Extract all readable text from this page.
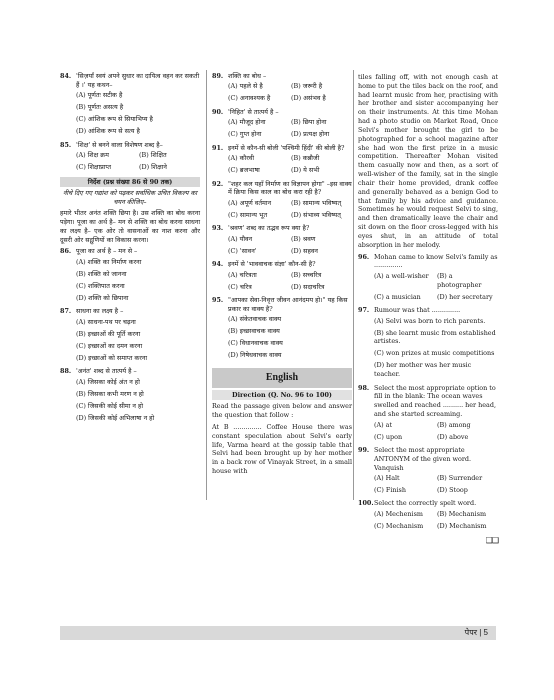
84. 'सिज़र्यां स्वयं अपने सुधार का दायित्व वहन कर सकती हैं ।' यह कथन–
(A) पूर्णतः सटीक है
(B) पूर्णतः असत्य है
(C) आंशिक रूप से सियाभिप्य है
(D) आंशिक रूप से सत्य है
85. 'शिक्ष' से बनने वाला विशेषण शब्द है–
(A) शिक्ष क्रम	(B) शिक्षित
(C) शिक्षाप्राप्त	(D) शिक्षाने
निर्देश (प्रश्न संख्या 86 से 90 तक)
नीचे दिए गए गद्यांश को पढ़कर सर्वाधिक उचित विकल्प का चयन कीजिए–
हमारे भीतर अनंत शक्ति छिपा है। उस शक्ति का बोध करना पड़ेगा। पूजा का अर्थ है– मन से शक्ति का बोध करना साधना का लक्ष्य है– एक ओर तो वासनाओं का नाश करना और दूसरी ओर सद्गुणियों का विकास करना।
86. पूजा का अर्थ है – मन से –
(A) शक्ति का निर्माण करना
(B) शक्ति को जानना
(C) शक्तिपात करना
(D) शक्ति को छिपाना
87. साधना का लक्ष्य है –
(A) साधना-पथ पर चढ़ना
(B) इच्छाओं की पूर्ति करना
(C) इच्छाओं का दमन करना
(D) इच्छाओं को समाप्त करना
88. 'अनंत' शब्द से तात्पर्य है –
(A) जिसका कोई अंत न हो
(B) जिसका कभी मरण न हो
(C) जिसकी कोई सीमा न हो
(D) जिसकी कोई अभिलाषा न हो
89. शक्ति का बोध –
(A) पहले से है	(B) जरूरी है
(C) अनावश्यक है	(D) असंभव है
90. 'निहित' से तात्पर्य है –
(A) मौजूद होना	(B) छिपा होना
(C) गुप्त होना	(D) प्रत्यक्ष होना
91. इनमें से कौन-सी बोली 'पश्चिमी हिंदी' की बोली है?
(A) कौरवी	(B) कन्नौजी
(C) ब्रजभाषा	(D) ये सभी
92. "शहर कल यहाँ निर्माण का विज्ञापन होगा" –इस वाक्य में क्रिया किस काल का बोध करा रही है?
(A) अपूर्ण वर्तमान	(B) सामान्य भविष्यत्
(C) सामान्य भूत	(D) संभाव्य भविष्यत्
93. 'श्रवण' शब्द का तद्भव रूप क्या है?
(A) यौवन	(B) श्रवण
(C) 'सावन'	(D) सहवन
94. इनमें से 'भाववाचक संज्ञा' कौन-सी है?
(A) चरित्रता	(B) सच्चरित्र
(C) चरित्र	(D) सदाचरित्र
95. "आपका सेवा-निवृत्त जीवन आनंदमय हो।" यह किस प्रकार का वाक्य है?
(A) संकेतवाचक वाक्य
(B) इच्छावाचक वाक्य
(C) विधानवाचक वाक्य
(D) निषेधवाचक वाक्य
English
Direction (Q. No. 96 to 100)
Read the passage given below and answer the question that follow :
At B .............. Coffee House there was constant speculation about Selvi's early life, Varma heard at the gossip table that Selvi had been brought up by her mother in a back row of Vinayak Street, in a small house with
tiles falling off, with not enough cash at home to put the tiles back on the roof, and had learnt music from her, practising with her brother and sister accompanying her on their instruments. At this time Mohan had a photo studio on Market Road, Once Selvi's mother brought the girl to be photographed for a school magazine after she had won the first prize in a music competition. Thereafter Mohan visited them casually now and then, as a sort of well-wisher of the family, sat in the single chair their home provided, drank coffee and generally behaved as a benign God to that family by his advice and guidance. Sometimes he would request Selvi to sing, and then dramatically leave the chair and sit down on the floor cross-legged with his eyes shut, in an attitude of total absorption in her melody.
96. Mohan came to know Selvi's family as ..............
(A) a well-wisher	(B) a photographer
(C) a musician	(D) her secretary
97. Rumour was that ..............
(A) Selvi was born to rich parents.
(B) she learnt music from established artistes.
(C) won prizes at music competitions
(D) her mother was her music teacher.
98. Select the most appropriate option to fill in the blank: The ocean waves swelled and reached .......... her head, and she started screaming.
(A) at	(B) among
(C) upon	(D) above
99. Select the most appropriate ANTONYM of the given word. Vanquish
(A) Halt	(B) Surrender
(C) Finish	(D) Stoop
100. Select the correctly spelt word.
(A) Mechenism	(B) Mechanism
(C) Mechanism	(D) Mechanism
❑❑
पेपर | 5
